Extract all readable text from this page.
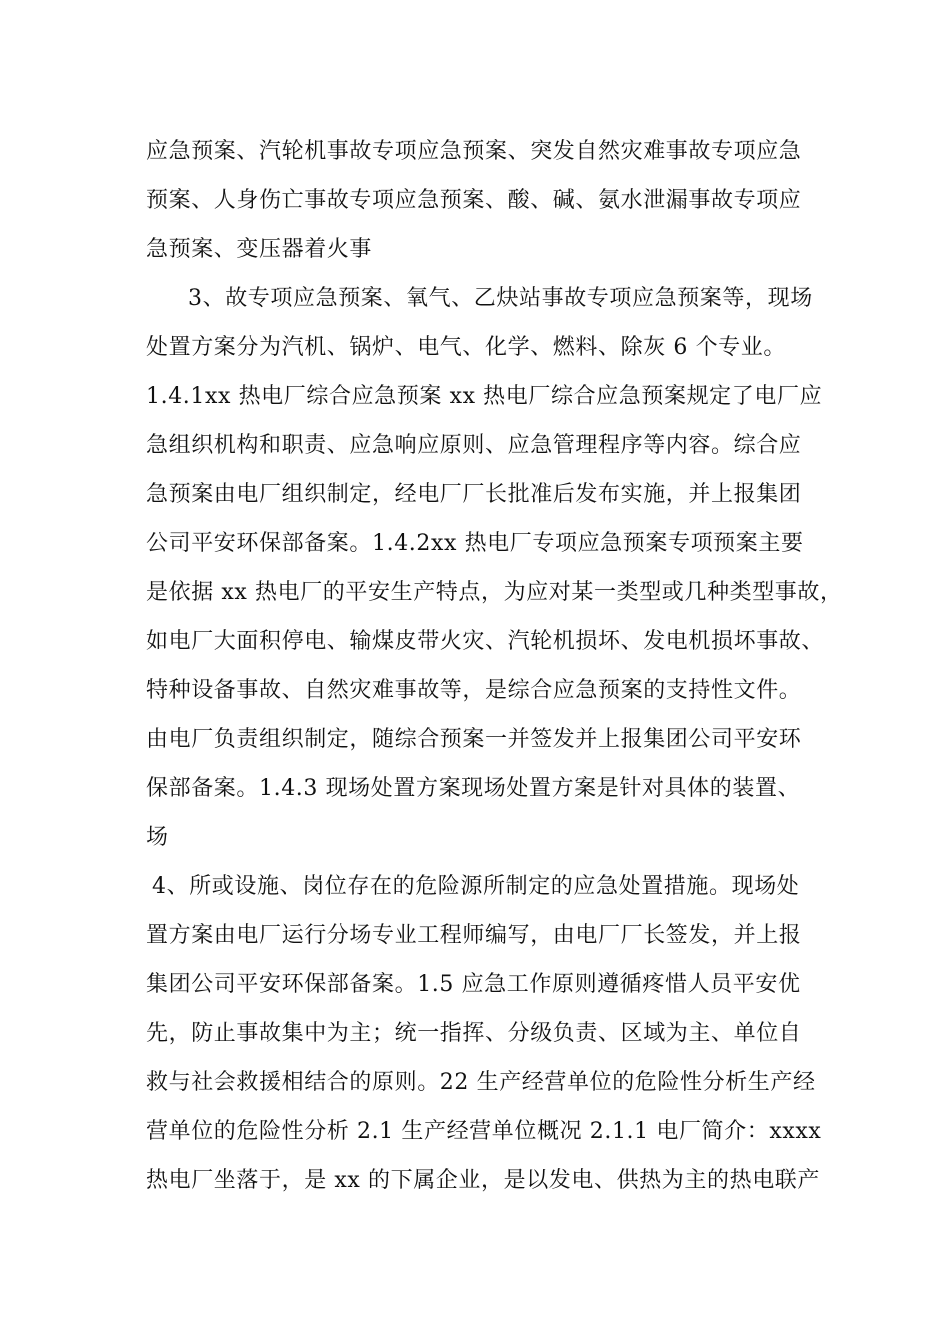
应急预案、汽轮机事故专项应急预案、突发自然灾难事故专项应急
预案、人身伤亡事故专项应急预案、酸、碱、氨水泄漏事故专项应
急预案、变压器着火事
3、故专项应急预案、氧气、乙炔站事故专项应急预案等，现场
处置方案分为汽机、锅炉、电气、化学、燃料、除灰 6 个专业。
1.4.1xx 热电厂综合应急预案 xx 热电厂综合应急预案规定了电厂应
急组织机构和职责、应急响应原则、应急管理程序等内容。综合应
急预案由电厂组织制定，经电厂厂长批准后发布实施，并上报集团
公司平安环保部备案。1.4.2xx 热电厂专项应急预案专项预案主要
是依据 xx 热电厂的平安生产特点，为应对某一类型或几种类型事故，
如电厂大面积停电、输煤皮带火灾、汽轮机损坏、发电机损坏事故、
特种设备事故、自然灾难事故等，是综合应急预案的支持性文件。
由电厂负责组织制定，随综合预案一并签发并上报集团公司平安环
保部备案。1.4.3 现场处置方案现场处置方案是针对具体的装置、
场
4、所或设施、岗位存在的危险源所制定的应急处置措施。现场处
置方案由电厂运行分场专业工程师编写，由电厂厂长签发，并上报
集团公司平安环保部备案。1.5 应急工作原则遵循疼惜人员平安优
先，防止事故集中为主；统一指挥、分级负责、区域为主、单位自
救与社会救援相结合的原则。22 生产经营单位的危险性分析生产经
营单位的危险性分析 2.1 生产经营单位概况 2.1.1 电厂简介：xxxx
热电厂坐落于，是 xx 的下属企业，是以发电、供热为主的热电联产
